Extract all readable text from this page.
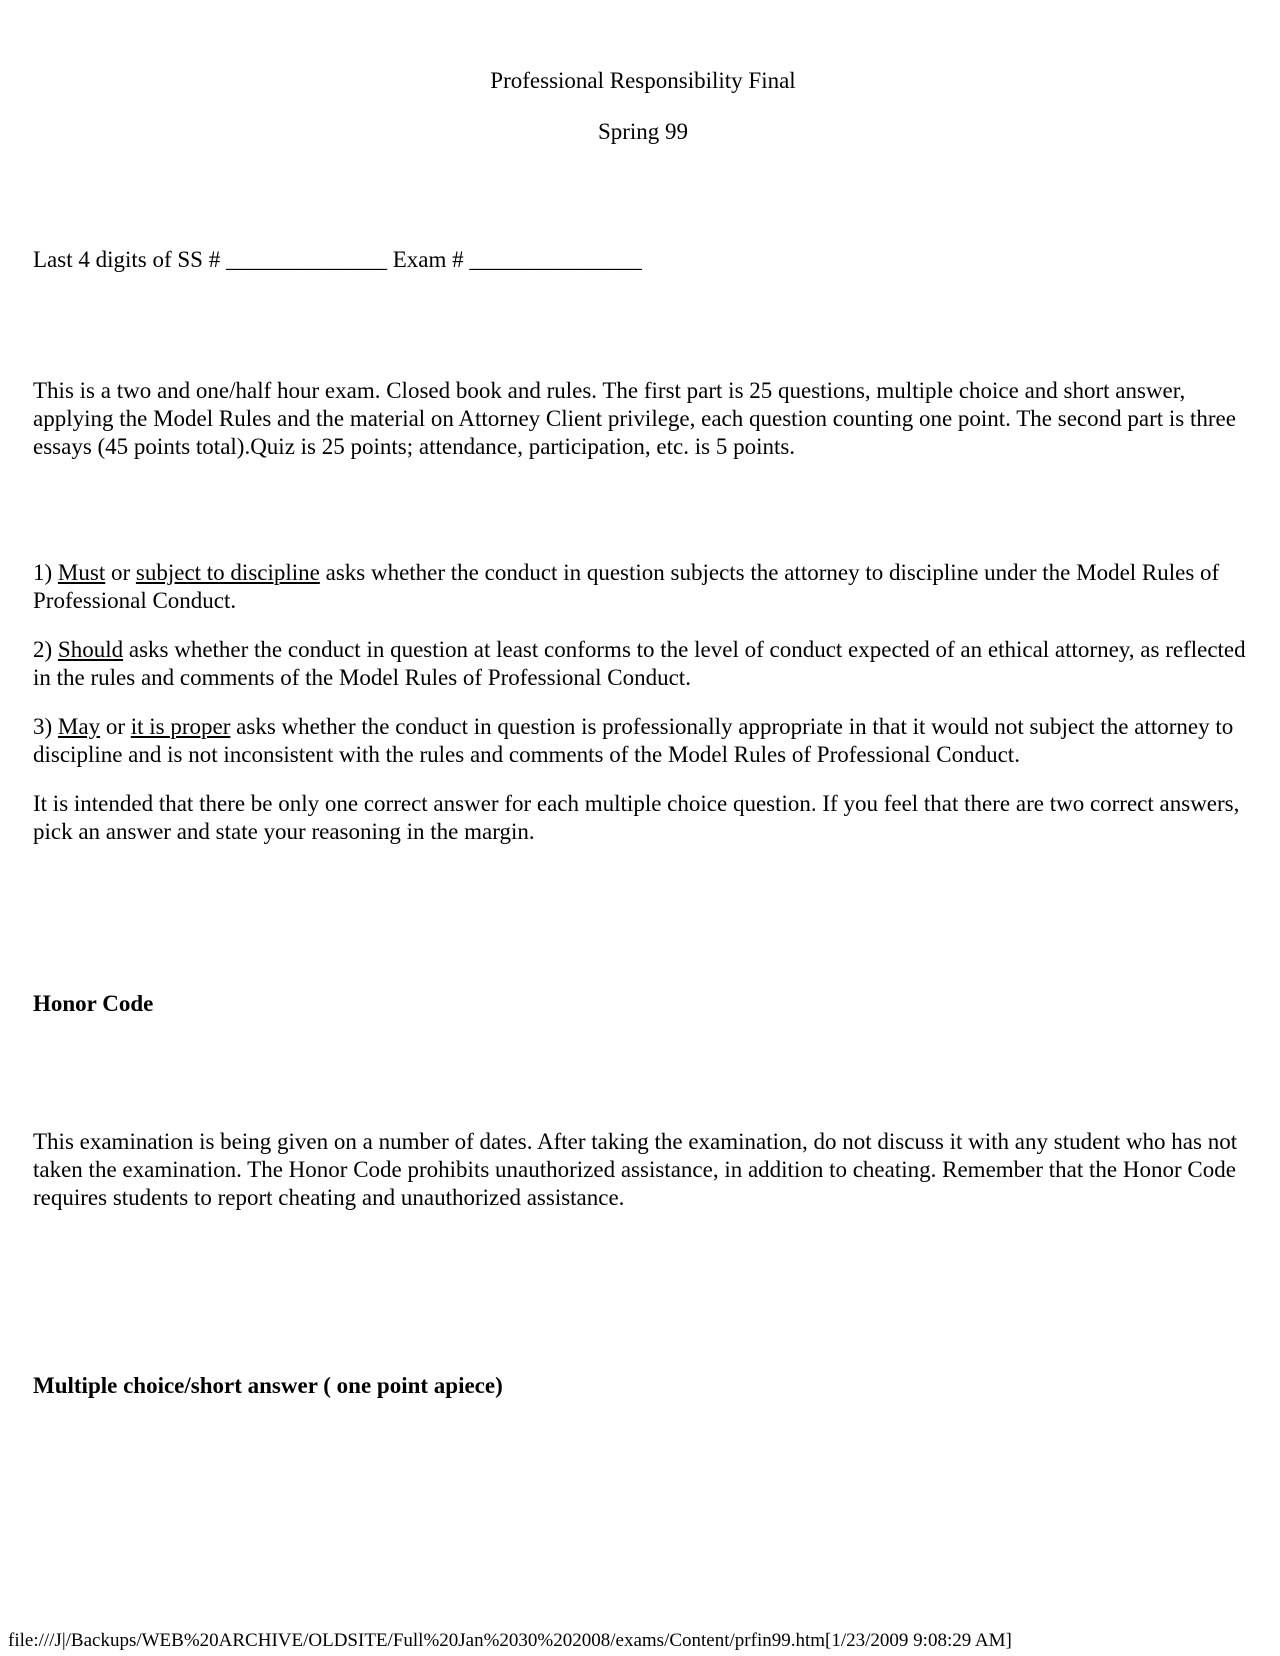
Professional Responsibility Final
Spring 99
Last 4 digits of SS # ______________ Exam # _______________

This is a two and one/half hour exam. Closed book and rules. The first part is 25 questions, multiple choice and short answer, applying the Model Rules and the material on Attorney Client privilege, each question counting one point. The second part is three essays (45 points total).Quiz is 25 points; attendance, participation, etc. is 5 points.

1) Must or subject to discipline asks whether the conduct in question subjects the attorney to discipline under the Model Rules of Professional Conduct.

2) Should asks whether the conduct in question at least conforms to the level of conduct expected of an ethical attorney, as reflected in the rules and comments of the Model Rules of Professional Conduct.

3) May or it is proper asks whether the conduct in question is professionally appropriate in that it would not subject the attorney to discipline and is not inconsistent with the rules and comments of the Model Rules of Professional Conduct.

It is intended that there be only one correct answer for each multiple choice question. If you feel that there are two correct answers, pick an answer and state your reasoning in the margin.

Honor Code

This examination is being given on a number of dates. After taking the examination, do not discuss it with any student who has not taken the examination. The Honor Code prohibits unauthorized assistance, in addition to cheating. Remember that the Honor Code requires students to report cheating and unauthorized assistance.

Multiple choice/short answer ( one point apiece)
file:///J|/Backups/WEB%20ARCHIVE/OLDSITE/Full%20Jan%2030%202008/exams/Content/prfin99.htm[1/23/2009 9:08:29 AM]
